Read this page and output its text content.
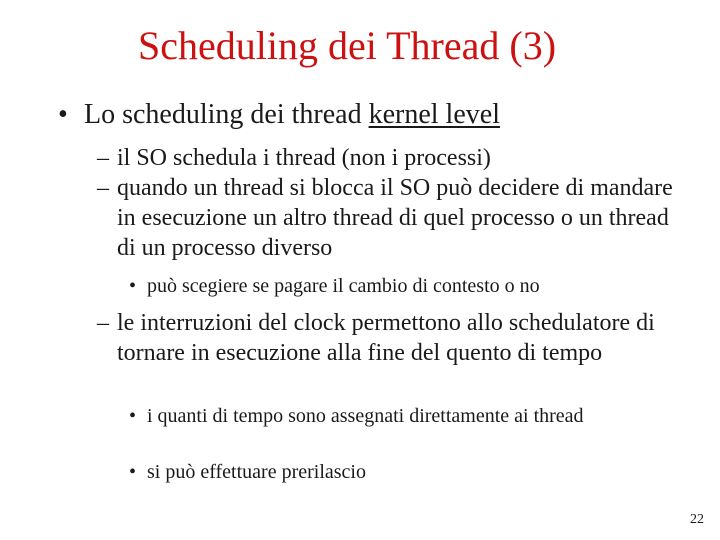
Scheduling dei Thread (3)
• Lo scheduling dei thread kernel level
– il SO schedula i thread (non i processi)
– quando un thread si blocca il SO può decidere di mandare in esecuzione un altro thread di quel processo o un thread di un processo diverso
• può scegiere se pagare il cambio di contesto o no
– le interruzioni del clock permettono allo schedulatore di tornare in esecuzione alla fine del quento di tempo
• i quanti di tempo sono assegnati direttamente ai thread
• si può effettuare prerilascio
22
